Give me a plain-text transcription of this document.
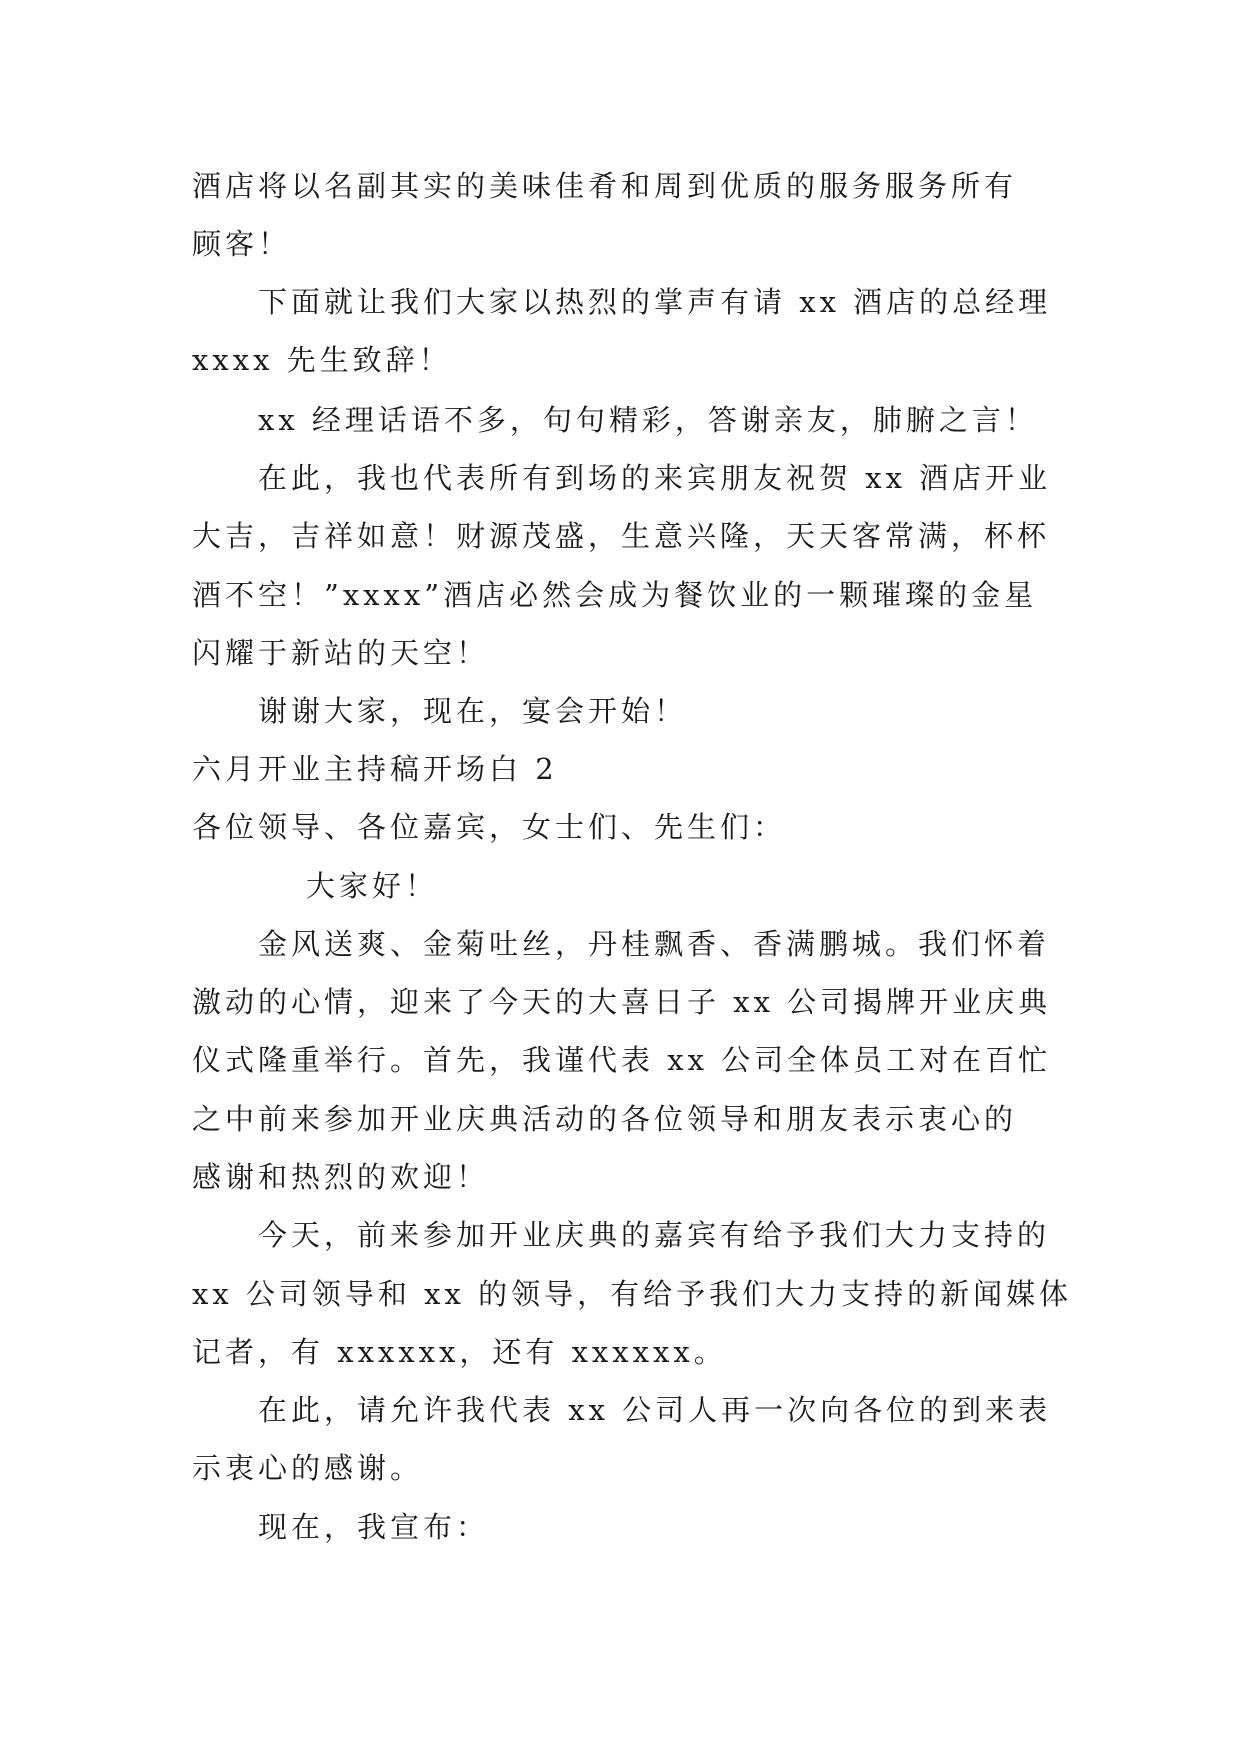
酒店将以名副其实的美味佳肴和周到优质的服务服务所有
顾客！
下面就让我们大家以热烈的掌声有请 xx 酒店的总经理
xxxx 先生致辞！
xx 经理话语不多，句句精彩，答谢亲友，肺腑之言！
在此，我也代表所有到场的来宾朋友祝贺 xx 酒店开业
大吉，吉祥如意！财源茂盛，生意兴隆，天天客常满，杯杯
酒不空！”xxxx”酒店必然会成为餐饮业的一颗璀璨的金星
闪耀于新站的天空！
谢谢大家，现在，宴会开始！
六月开业主持稿开场白 2
各位领导、各位嘉宾，女士们、先生们：
大家好！
金风送爽、金菊吐丝，丹桂飘香、香满鹏城。我们怀着
激动的心情，迎来了今天的大喜日子 xx 公司揭牌开业庆典
仪式隆重举行。首先，我谨代表 xx 公司全体员工对在百忙
之中前来参加开业庆典活动的各位领导和朋友表示衷心的
感谢和热烈的欢迎！
今天，前来参加开业庆典的嘉宾有给予我们大力支持的
xx 公司领导和 xx 的领导，有给予我们大力支持的新闻媒体
记者，有 xxxxxx，还有 xxxxxx。
在此，请允许我代表 xx 公司人再一次向各位的到来表
示衷心的感谢。
现在，我宣布：
